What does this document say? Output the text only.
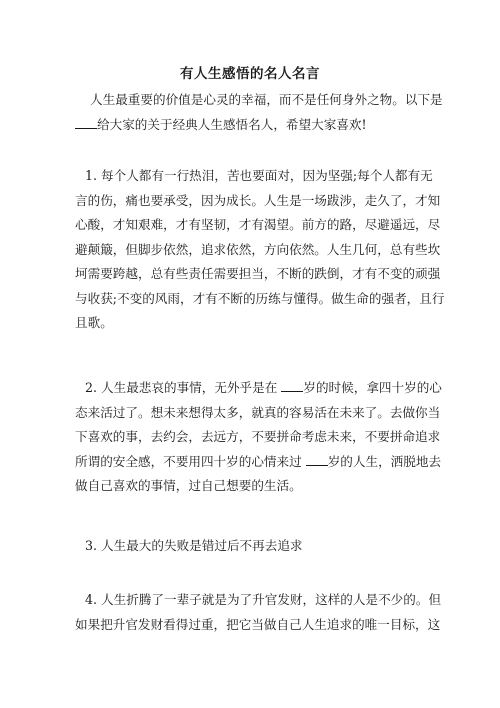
有人生感悟的名人名言
人生最重要的价值是心灵的幸福，而不是任何身外之物。以下是
给大家的关于经典人生感悟名人，希望大家喜欢!
1. 每个人都有一行热泪，苦也要面对，因为坚强;每个人都有无
言的伤，痛也要承受，因为成长。人生是一场跋涉，走久了，才知
心酸，才知艰难，才有坚韧，才有渴望。前方的路，尽避遥远，尽
避颠簸，但脚步依然，追求依然，方向依然。人生几何，总有些坎
坷需要跨越，总有些责任需要担当，不断的跌倒，才有不变的顽强
与收获;不变的风雨，才有不断的历练与懂得。做生命的强者，且行
且歌。
2. 人生最悲哀的事情，无外乎是在 岁的时候，拿四十岁的心
态来活过了。想未来想得太多，就真的容易活在未来了。去做你当
下喜欢的事，去约会，去远方，不要拼命考虑未来，不要拼命追求
所谓的安全感，不要用四十岁的心情来过 岁的人生，洒脱地去
做自己喜欢的事情，过自己想要的生活。
3. 人生最大的失败是错过后不再去追求
4. 人生折腾了一辈子就是为了升官发财，这样的人是不少的。但
如果把升官发财看得过重，把它当做自己人生追求的唯一目标，这
